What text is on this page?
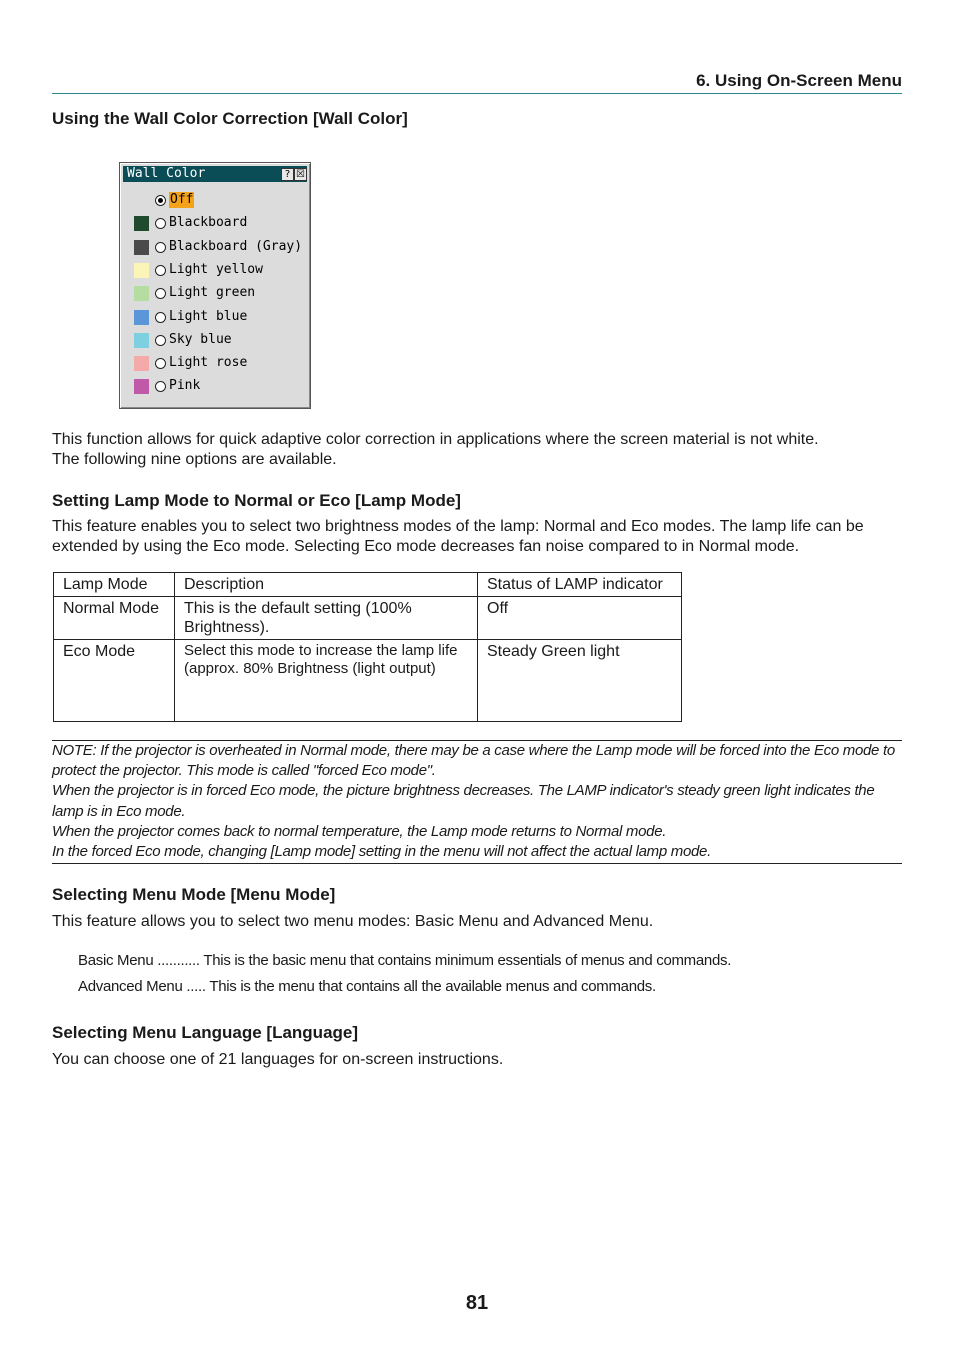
6. Using On-Screen Menu
Using the Wall Color Correction [Wall Color]
Wall Color	? ☒
Off
Blackboard
Blackboard (Gray)
Light yellow
Light green
Light blue
Sky blue
Light rose
Pink
This function allows for quick adaptive color correction in applications where the screen material is not white.
The following nine options are available.
Setting Lamp Mode to Normal or Eco [Lamp Mode]
This feature enables you to select two brightness modes of the lamp: Normal and Eco modes. The lamp life can be
extended by using the Eco mode. Selecting Eco mode decreases fan noise compared to in Normal mode.
Lamp Mode	Description	Status of LAMP indicator
Normal Mode	This is the default setting (100% Brightness).	Off
Eco Mode	Select this mode to increase the lamp life (approx. 80% Brightness (light output)	Steady Green light

NOTE: If the projector is overheated in Normal mode, there may be a case where the Lamp mode will be forced into the Eco mode to protect the projector. This mode is called "forced Eco mode".

When the projector is in forced Eco mode, the picture brightness decreases. The LAMP indicator's steady green light indicates the lamp is in Eco mode.

When the projector comes back to normal temperature, the Lamp mode returns to Normal mode.

In the forced Eco mode, changing [Lamp mode] setting in the menu will not affect the actual lamp mode.

Selecting Menu Mode [Menu Mode]
This feature allows you to select two menu modes: Basic Menu and Advanced Menu.
Basic Menu ........... This is the basic menu that contains minimum essentials of menus and commands.
Advanced Menu ..... This is the menu that contains all the available menus and commands.
Selecting Menu Language [Language]
You can choose one of 21 languages for on-screen instructions.
81
